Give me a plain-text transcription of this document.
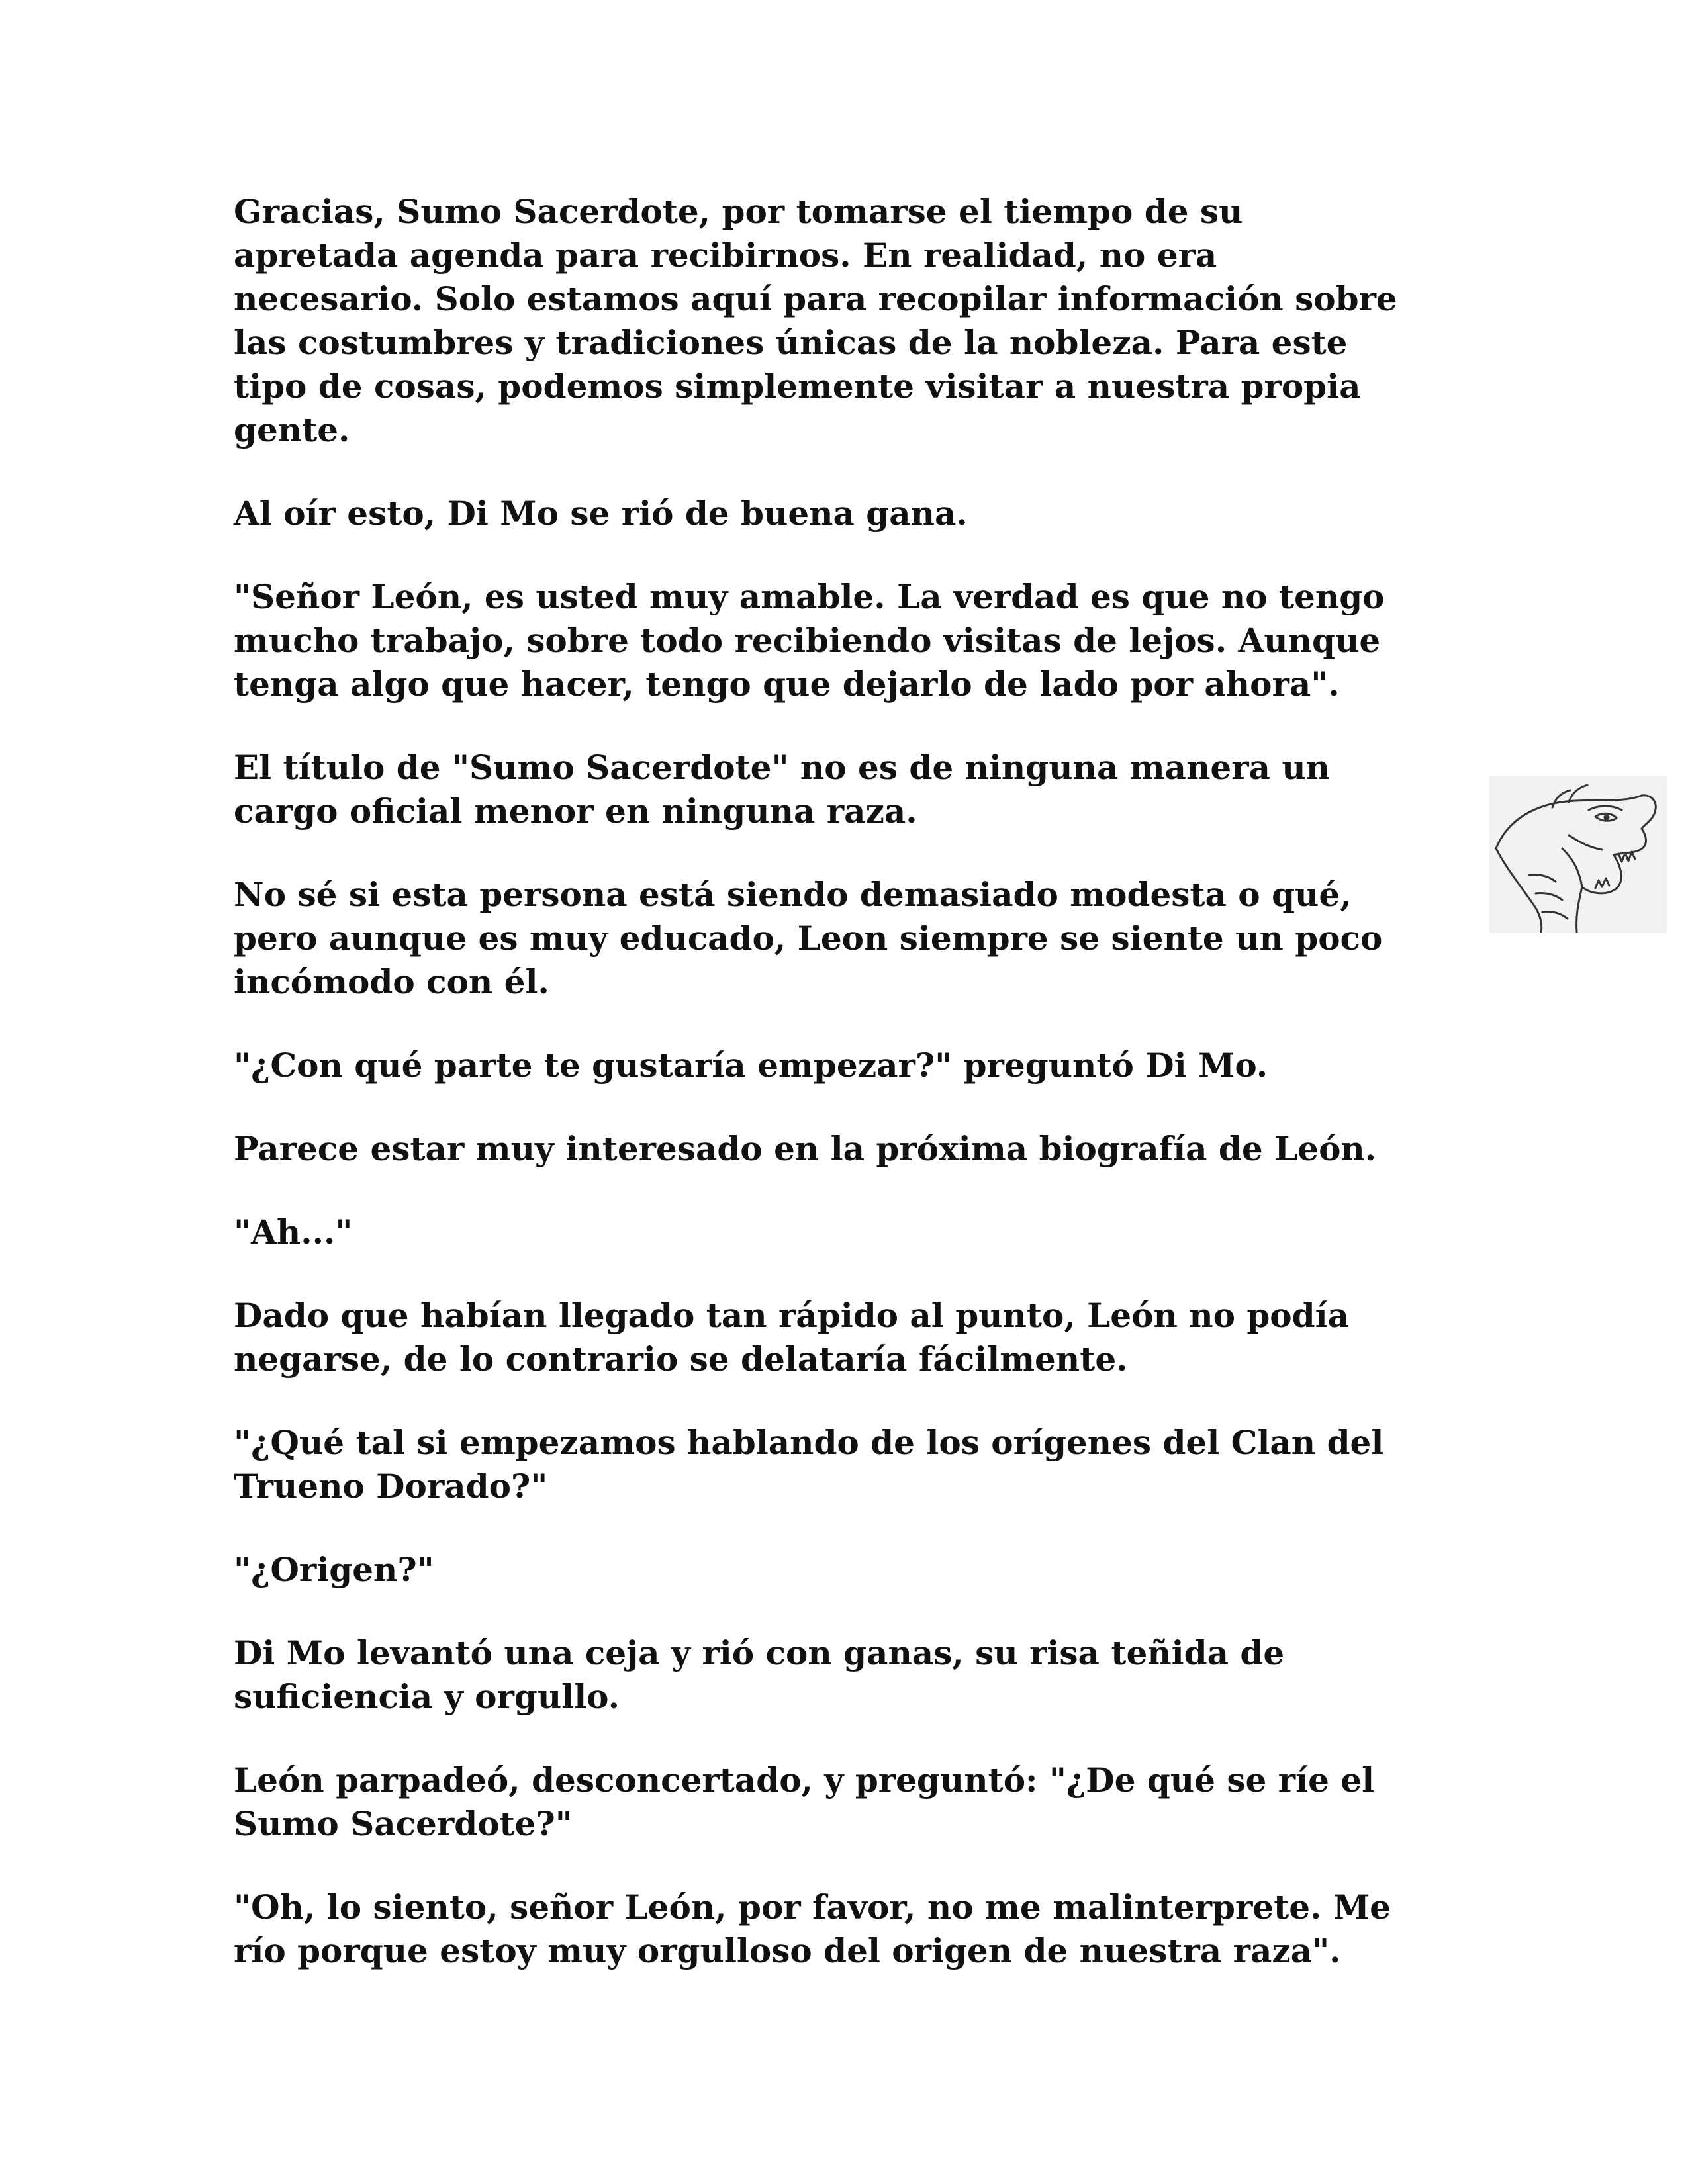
Gracias, Sumo Sacerdote, por tomarse el tiempo de su
apretada agenda para recibirnos. En realidad, no era
necesario. Solo estamos aquí para recopilar información sobre
las costumbres y tradiciones únicas de la nobleza. Para este
tipo de cosas, podemos simplemente visitar a nuestra propia
gente.

Al oír esto, Di Mo se rió de buena gana.

"Señor León, es usted muy amable. La verdad es que no tengo
mucho trabajo, sobre todo recibiendo visitas de lejos. Aunque
tenga algo que hacer, tengo que dejarlo de lado por ahora".

El título de "Sumo Sacerdote" no es de ninguna manera un
cargo oficial menor en ninguna raza.

No sé si esta persona está siendo demasiado modesta o qué,
pero aunque es muy educado, Leon siempre se siente un poco
incómodo con él.

"¿Con qué parte te gustaría empezar?" preguntó Di Mo.

Parece estar muy interesado en la próxima biografía de León.

"Ah..."

Dado que habían llegado tan rápido al punto, León no podía
negarse, de lo contrario se delataría fácilmente.

"¿Qué tal si empezamos hablando de los orígenes del Clan del
Trueno Dorado?"

"¿Origen?"

Di Mo levantó una ceja y rió con ganas, su risa teñida de
suficiencia y orgullo.

León parpadeó, desconcertado, y preguntó: "¿De qué se ríe el
Sumo Sacerdote?"

"Oh, lo siento, señor León, por favor, no me malinterprete. Me
río porque estoy muy orgulloso del origen de nuestra raza".
